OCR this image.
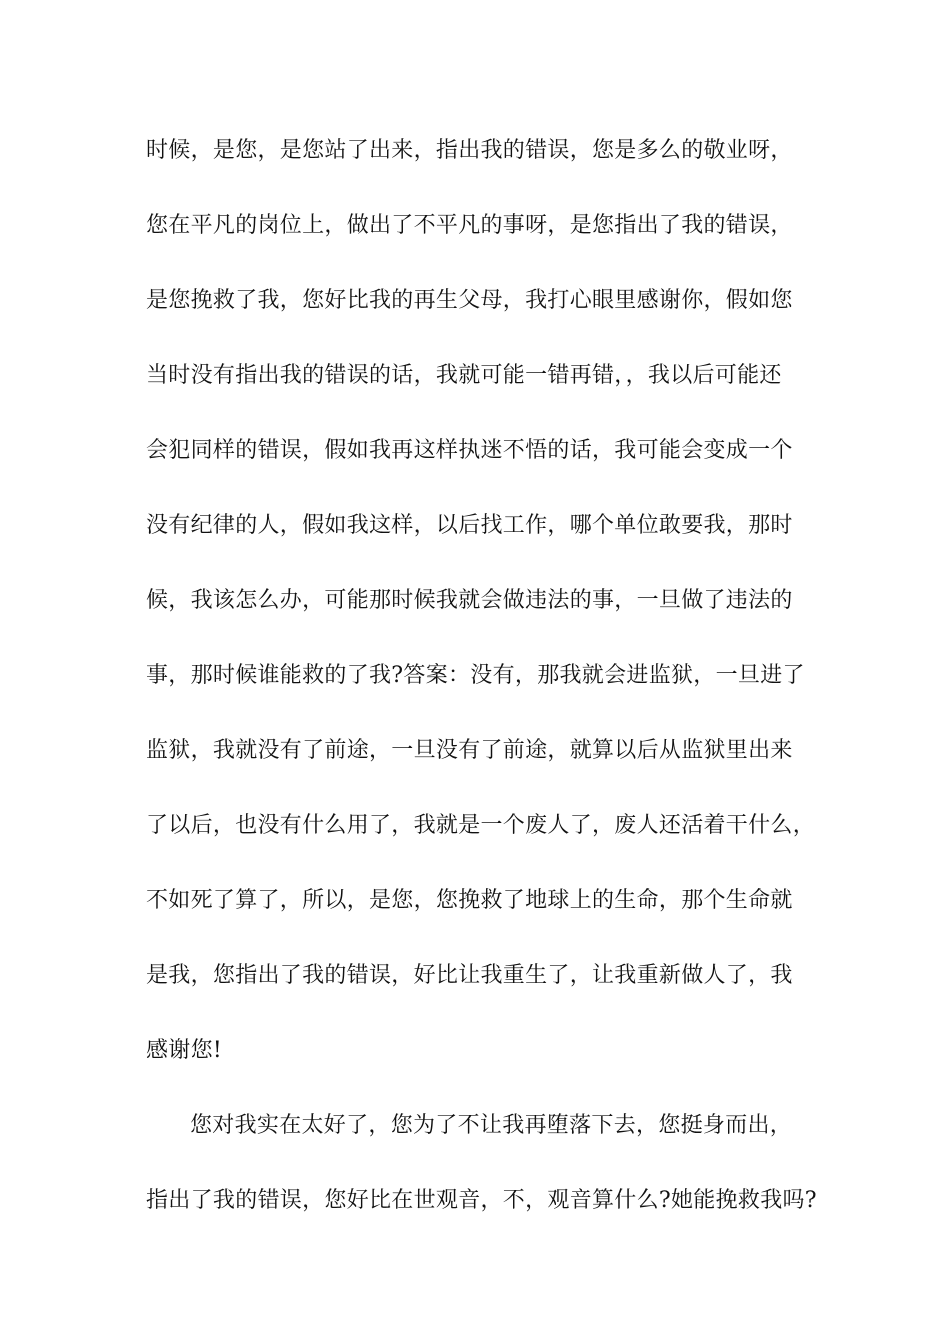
时候，是您，是您站了出来，指出我的错误，您是多么的敬业呀，
您在平凡的岗位上，做出了不平凡的事呀，是您指出了我的错误，
是您挽救了我，您好比我的再生父母，我打心眼里感谢你，假如您
当时没有指出我的错误的话，我就可能一错再错，，我以后可能还
会犯同样的错误，假如我再这样执迷不悟的话，我可能会变成一个
没有纪律的人，假如我这样，以后找工作，哪个单位敢要我，那时
候，我该怎么办，可能那时候我就会做违法的事，一旦做了违法的
事，那时候谁能救的了我?答案：没有，那我就会进监狱，一旦进了
监狱，我就没有了前途，一旦没有了前途，就算以后从监狱里出来
了以后，也没有什么用了，我就是一个废人了，废人还活着干什么，
不如死了算了，所以，是您，您挽救了地球上的生命，那个生命就
是我，您指出了我的错误，好比让我重生了，让我重新做人了，我
感谢您!
您对我实在太好了，您为了不让我再堕落下去，您挺身而出，
指出了我的错误，您好比在世观音，不，观音算什么?她能挽救我吗?
